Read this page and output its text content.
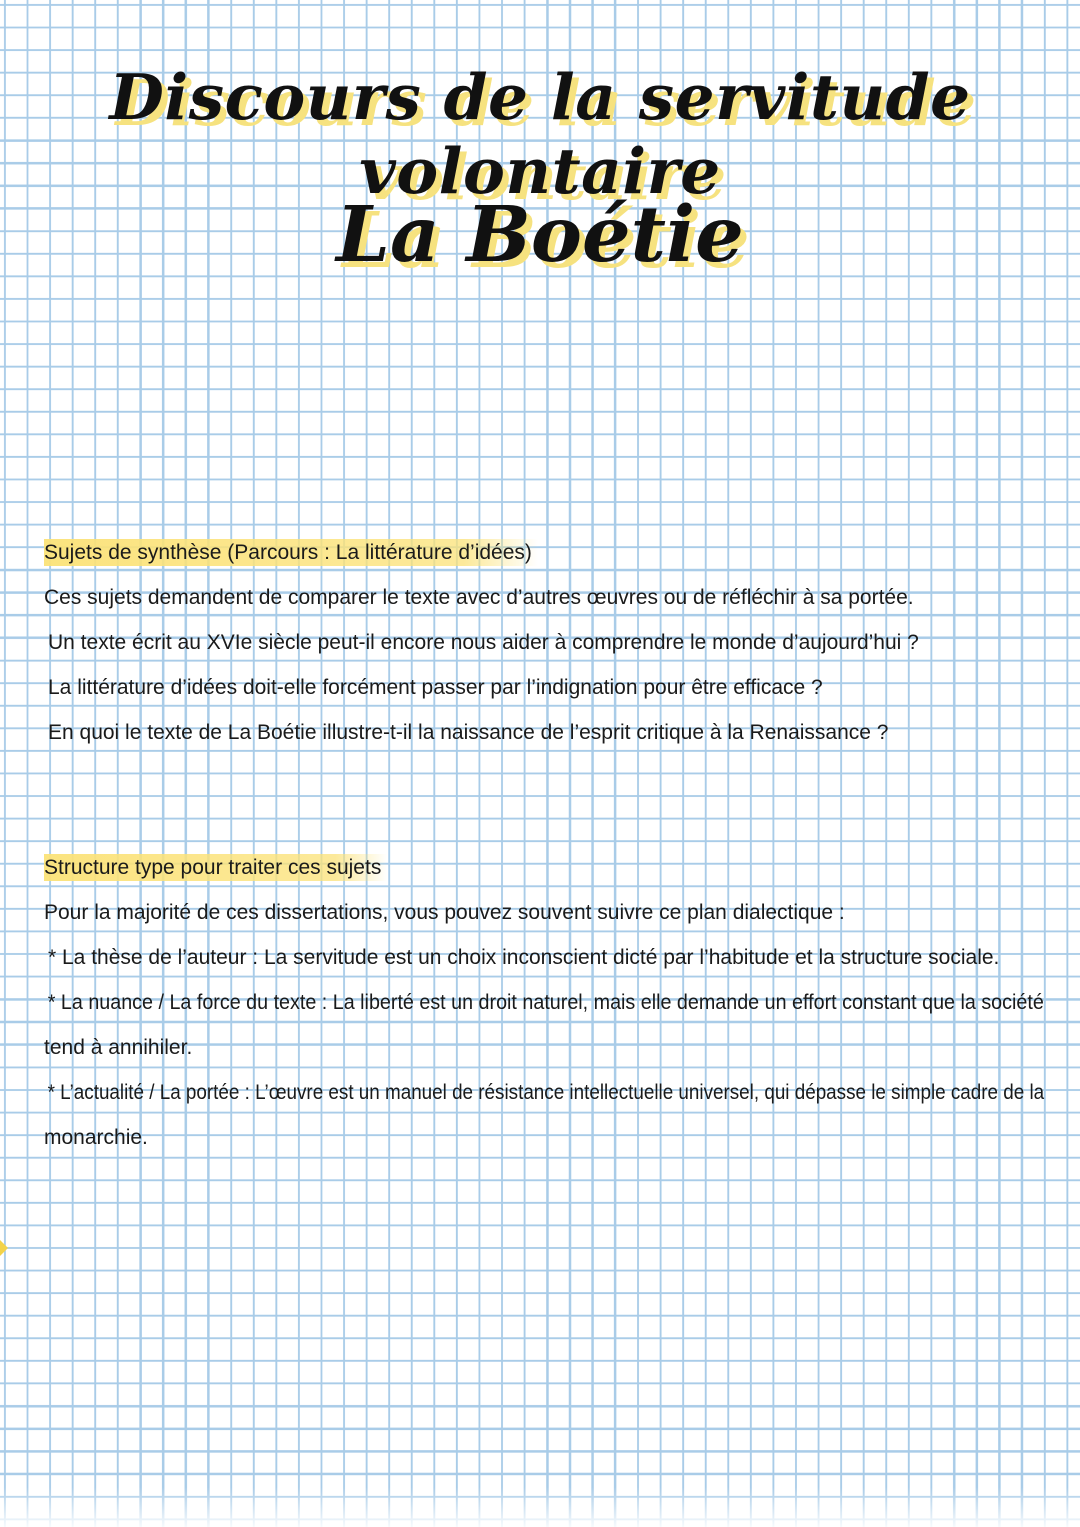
Discours de la servitude volontaire
La Boétie
Sujets de synthèse (Parcours : La littérature d’idées)
Ces sujets demandent de comparer le texte avec d’autres œuvres ou de réfléchir à sa portée.
Un texte écrit au XVIe siècle peut-il encore nous aider à comprendre le monde d’aujourd’hui ?
La littérature d’idées doit-elle forcément passer par l’indignation pour être efficace ?
En quoi le texte de La Boétie illustre-t-il la naissance de l’esprit critique à la Renaissance ?
Structure type pour traiter ces sujets
Pour la majorité de ces dissertations, vous pouvez souvent suivre ce plan dialectique :
* La thèse de l’auteur : La servitude est un choix inconscient dicté par l’habitude et la structure sociale.
* La nuance / La force du texte : La liberté est un droit naturel, mais elle demande un effort constant que la société
tend à annihiler.
* L’actualité / La portée : L’œuvre est un manuel de résistance intellectuelle universel, qui dépasse le simple cadre de la
monarchie.
